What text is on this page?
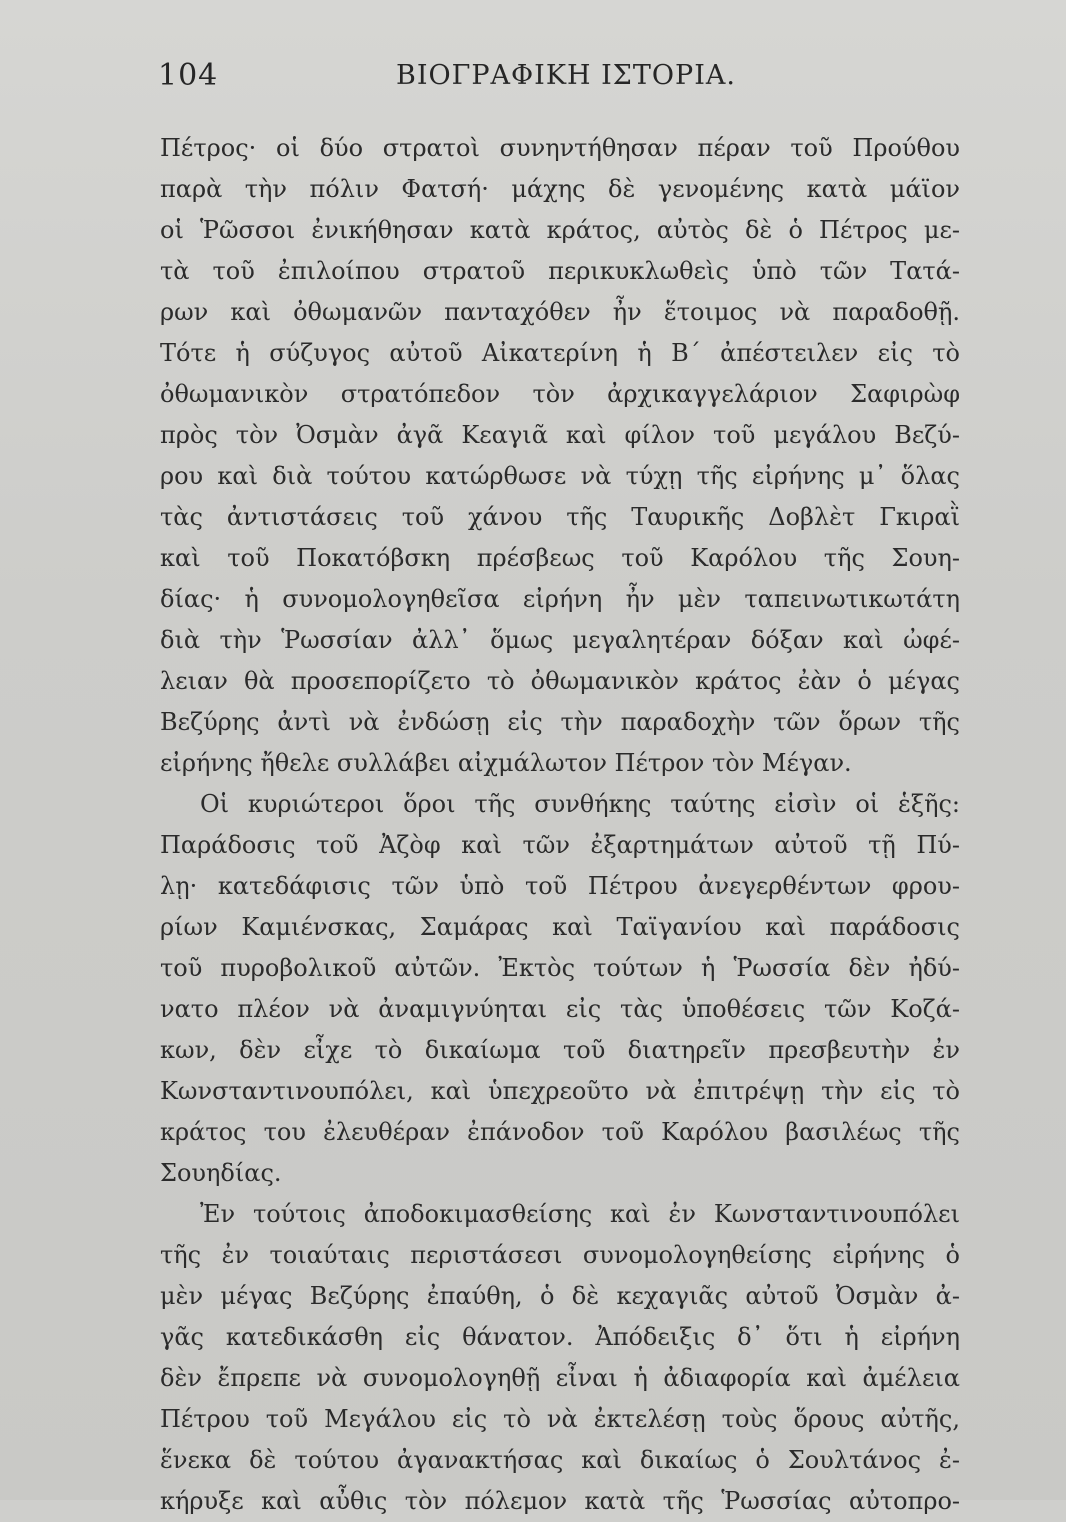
104	ΒΙΟΓΡΑΦΙΚΗ ΙΣΤΟΡΙΑ.
Πέτρος· οἱ δύο στρατοὶ συνηντήθησαν πέραν τοῦ Προύθου
παρὰ τὴν πόλιν Φατσή· μάχης δὲ γενομένης κατὰ μάϊον
οἱ Ῥῶσσοι ἐνικήθησαν κατὰ κράτος, αὐτὸς δὲ ὁ Πέτρος με-
τὰ τοῦ ἐπιλοίπου στρατοῦ περικυκλωθεὶς ὑπὸ τῶν Τατά-
ρων καὶ ὀθωμανῶν πανταχόθεν ἦν ἕτοιμος νὰ παραδοθῇ.
Τότε ἡ σύζυγος αὐτοῦ Αἰκατερίνη ἡ Β΄ ἀπέστειλεν εἰς τὸ
ὀθωμανικὸν στρατόπεδον τὸν ἀρχικαγγελάριον Σαφιρὼφ
πρὸς τὸν Ὀσμὰν ἀγᾶ Κεαγιᾶ καὶ φίλον τοῦ μεγάλου Βεζύ-
ρου καὶ διὰ τούτου κατώρθωσε νὰ τύχῃ τῆς εἰρήνης μ᾽ ὅλας
τὰς ἀντιστάσεις τοῦ χάνου τῆς Ταυρικῆς Δοβλὲτ Γκιραῒ
καὶ τοῦ Ποκατόβσκη πρέσβεως τοῦ Καρόλου τῆς Σουη-
δίας· ἡ συνομολογηθεῖσα εἰρήνη ἦν μὲν ταπεινωτικωτάτη
διὰ τὴν Ῥωσσίαν ἀλλ᾽ ὅμως μεγαλητέραν δόξαν καὶ ὠφέ-
λειαν θὰ προσεπορίζετο τὸ ὀθωμανικὸν κράτος ἐὰν ὁ μέγας
Βεζύρης ἀντὶ νὰ ἐνδώσῃ εἰς τὴν παραδοχὴν τῶν ὅρων τῆς
εἰρήνης ἤθελε συλλάβει αἰχμάλωτον Πέτρον τὸν Μέγαν.
Οἱ κυριώτεροι ὅροι τῆς συνθήκης ταύτης εἰσὶν οἱ ἑξῆς:
Παράδοσις τοῦ Ἀζὸφ καὶ τῶν ἐξαρτημάτων αὐτοῦ τῇ Πύ-
λῃ· κατεδάφισις τῶν ὑπὸ τοῦ Πέτρου ἀνεγερθέντων φρου-
ρίων Καμιένσκας, Σαμάρας καὶ Ταϊγανίου καὶ παράδοσις
τοῦ πυροβολικοῦ αὐτῶν. Ἐκτὸς τούτων ἡ Ῥωσσία δὲν ἠδύ-
νατο πλέον νὰ ἀναμιγνύηται εἰς τὰς ὑποθέσεις τῶν Κοζά-
κων, δὲν εἶχε τὸ δικαίωμα τοῦ διατηρεῖν πρεσβευτὴν ἐν
Κωνσταντινουπόλει, καὶ ὑπεχρεοῦτο νὰ ἐπιτρέψῃ τὴν εἰς τὸ
κράτος του ἐλευθέραν ἐπάνοδον τοῦ Καρόλου βασιλέως τῆς
Σουηδίας.
Ἐν τούτοις ἀποδοκιμασθείσης καὶ ἐν Κωνσταντινουπόλει
τῆς ἐν τοιαύταις περιστάσεσι συνομολογηθείσης εἰρήνης ὁ
μὲν μέγας Βεζύρης ἐπαύθη, ὁ δὲ κεχαγιᾶς αὐτοῦ Ὀσμὰν ἀ-
γᾶς κατεδικάσθη εἰς θάνατον. Ἀπόδειξις δ᾽ ὅτι ἡ εἰρήνη
δὲν ἔπρεπε νὰ συνομολογηθῇ εἶναι ἡ ἀδιαφορία καὶ ἀμέλεια
Πέτρου τοῦ Μεγάλου εἰς τὸ νὰ ἐκτελέσῃ τοὺς ὅρους αὐτῆς,
ἕνεκα δὲ τούτου ἀγανακτήσας καὶ δικαίως ὁ Σουλτάνος ἐ-
κήρυξε καὶ αὖθις τὸν πόλεμον κατὰ τῆς Ῥωσσίας αὐτοπρο-
